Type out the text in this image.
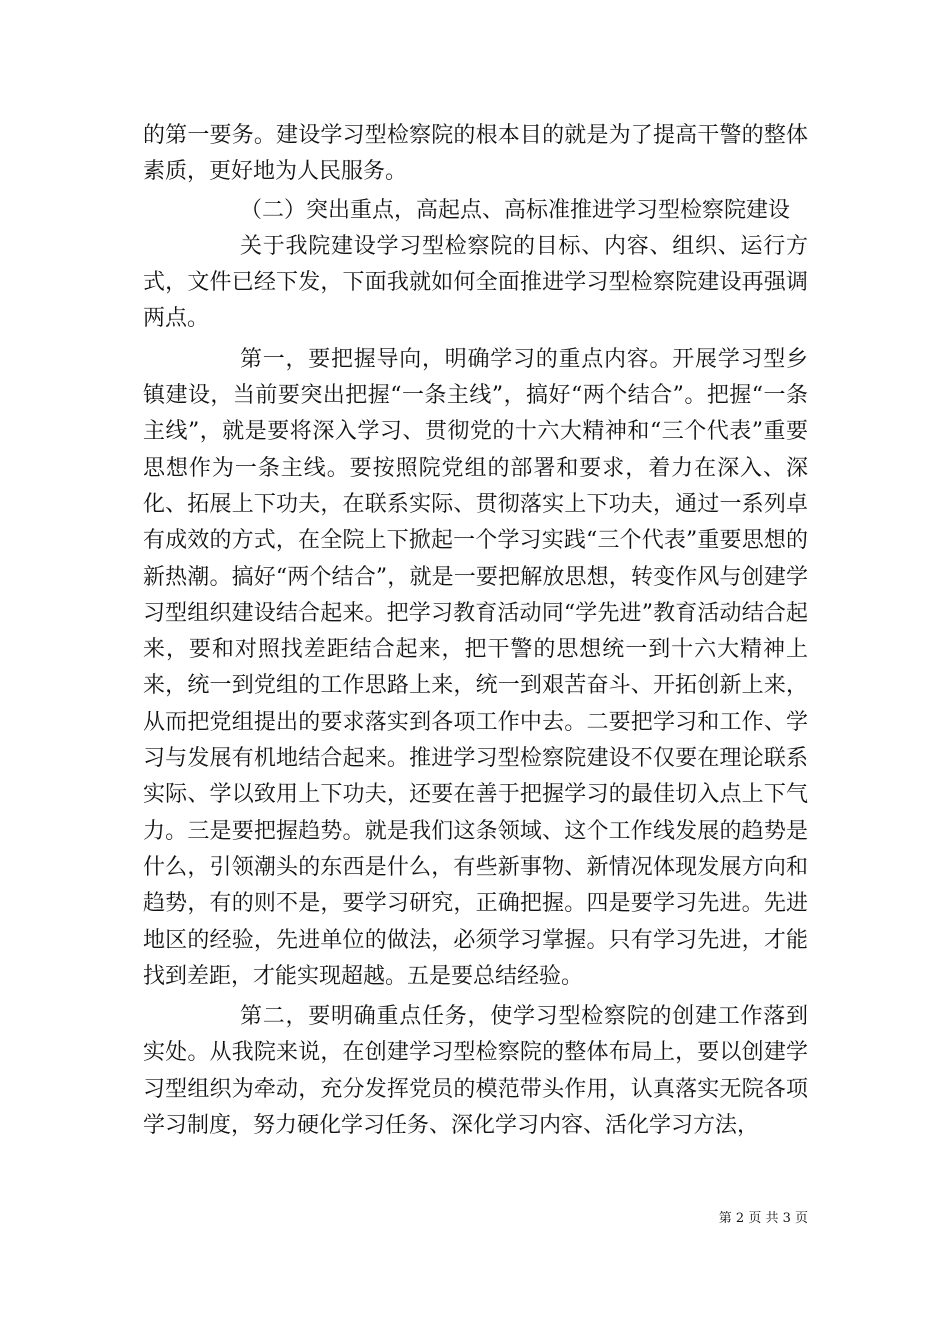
的第一要务。建设学习型检察院的根本目的就是为了提高干警的整体素质，更好地为人民服务。

（二）突出重点，高起点、高标准推进学习型检察院建设

关于我院建设学习型检察院的目标、内容、组织、运行方式，文件已经下发，下面我就如何全面推进学习型检察院建设再强调两点。

第一，要把握导向，明确学习的重点内容。开展学习型乡镇建设，当前要突出把握“一条主线”，搞好“两个结合”。把握“一条主线”，就是要将深入学习、贯彻党的十六大精神和“三个代表”重要思想作为一条主线。要按照院党组的部署和要求，着力在深入、深化、拓展上下功夫，在联系实际、贯彻落实上下功夫，通过一系列卓有成效的方式，在全院上下掀起一个学习实践“三个代表”重要思想的新热潮。搞好“两个结合”，就是一要把解放思想，转变作风与创建学习型组织建设结合起来。把学习教育活动同“学先进”教育活动结合起来，要和对照找差距结合起来，把干警的思想统一到十六大精神上来，统一到党组的工作思路上来，统一到艰苦奋斗、开拓创新上来，从而把党组提出的要求落实到各项工作中去。二要把学习和工作、学习与发展有机地结合起来。推进学习型检察院建设不仅要在理论联系实际、学以致用上下功夫，还要在善于把握学习的最佳切入点上下气力。三是要把握趋势。就是我们这条领域、这个工作线发展的趋势是什么，引领潮头的东西是什么，有些新事物、新情况体现发展方向和趋势，有的则不是，要学习研究，正确把握。四是要学习先进。先进地区的经验，先进单位的做法，必须学习掌握。只有学习先进，才能找到差距，才能实现超越。五是要总结经验。

第二，要明确重点任务，使学习型检察院的创建工作落到实处。从我院来说，在创建学习型检察院的整体布局上，要以创建学习型组织为牵动，充分发挥党员的模范带头作用，认真落实无院各项学习制度，努力硬化学习任务、深化学习内容、活化学习方法，

第 2 页 共 3 页
